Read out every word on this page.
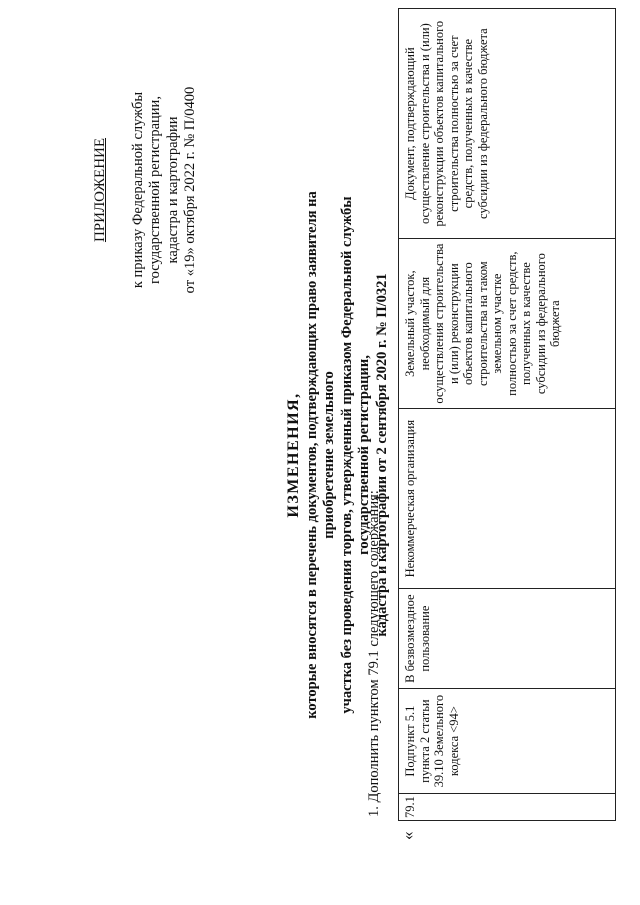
ПРИЛОЖЕНИЕ к приказу Федеральной службы государственной регистрации, кадастра и картографии от «19» октября 2022 г. № П/0400
ИЗМЕНЕНИЯ, которые вносятся в перечень документов, подтверждающих право заявителя на приобретение земельного участка без проведения торгов, утвержденный приказом Федеральной службы государственной регистрации, кадастра и картографии от 2 сентября 2020 г. № П/0321
1. Дополнить пунктом 79.1 следующего содержания:
«
79.1	Подпункт 5.1 пункта 2 статьи 39.10 Земельного кодекса <94>	В безвозмездное пользование	Некоммерческая организация	Земельный участок, необходимый для осуществления строительства и (или) реконструкции объектов капитального строительства на таком земельном участке полностью за счет средств, полученных в качестве субсидии из федерального бюджета	Документ, подтверждающий осуществление строительства и (или) реконструкции объектов капитального строительства полностью за счет средств, полученных в качестве субсидии из федерального бюджета
